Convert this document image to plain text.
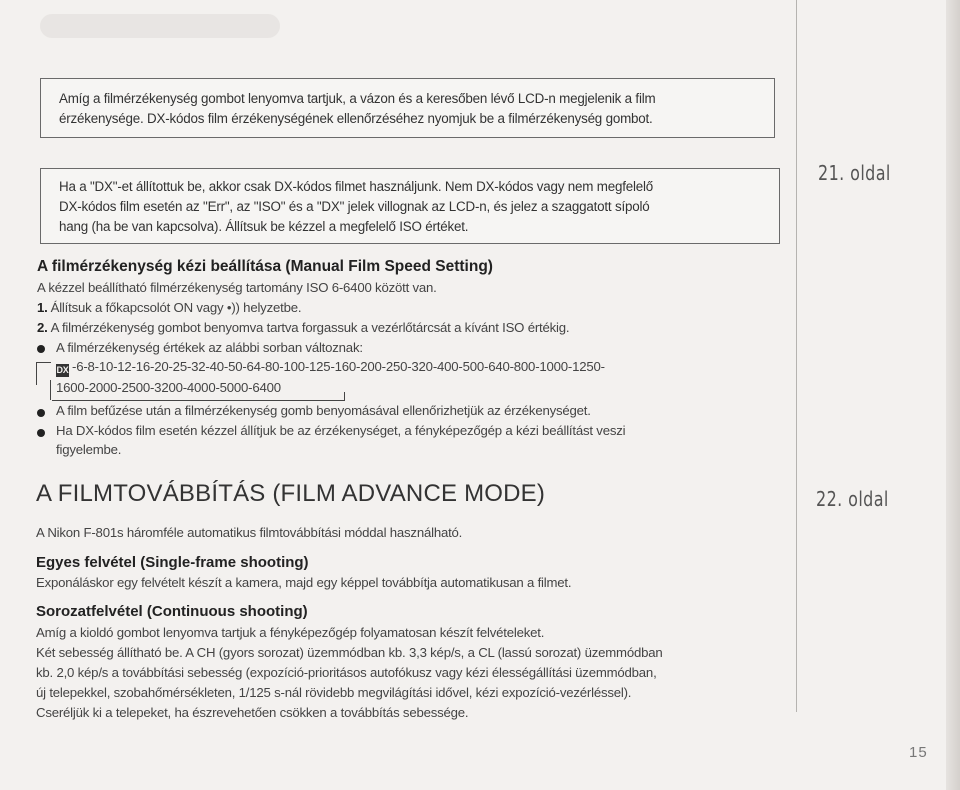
Amíg a filmérzékenység gombot lenyomva tartjuk, a vázon és a keresőben lévő LCD-n megjelenik a film

érzékenysége. DX-kódos film érzékenységének ellenőrzéséhez nyomjuk be a filmérzékenység gombot.

Ha a "DX"-et állítottuk be, akkor csak DX-kódos filmet használjunk. Nem DX-kódos vagy nem megfelelő

DX-kódos film esetén az "Err", az "ISO" és a "DX" jelek villognak az LCD-n, és jelez a szaggatott sípoló

hang (ha be van kapcsolva). Állítsuk be kézzel a megfelelő ISO értéket.

21. oldal
22. oldal
A filmérzékenység kézi beállítása (Manual Film Speed Setting)
A kézzel beállítható filmérzékenység tartomány ISO 6-6400 között van.
1. Állítsuk a főkapcsolót ON vagy •)) helyzetbe.
2. A filmérzékenység gombot benyomva tartva forgassuk a vezérlőtárcsát a kívánt ISO értékig.
A filmérzékenység értékek az alábbi sorban változnak:
DX -6-8-10-12-16-20-25-32-40-50-64-80-100-125-160-200-250-320-400-500-640-800-1000-1250-
1600-2000-2500-3200-4000-5000-6400
A film befűzése után a filmérzékenység gomb benyomásával ellenőrizhetjük az érzékenységet.
Ha DX-kódos film esetén kézzel állítjuk be az érzékenységet, a fényképezőgép a kézi beállítást veszi
figyelembe.
A FILMTOVÁBBÍTÁS (FILM ADVANCE MODE)
A Nikon F-801s háromféle automatikus filmtovábbítási móddal használható.
Egyes felvétel (Single-frame shooting)
Exponáláskor egy felvételt készít a kamera, majd egy képpel továbbítja automatikusan a filmet.
Sorozatfelvétel (Continuous shooting)
Amíg a kioldó gombot lenyomva tartjuk a fényképezőgép folyamatosan készít felvételeket.
Két sebesség állítható be. A CH (gyors sorozat) üzemmódban kb. 3,3 kép/s, a CL (lassú sorozat) üzemmódban
kb. 2,0 kép/s a továbbítási sebesség (expozíció-prioritásos autofókusz vagy kézi élességállítási üzemmódban,
új telepekkel, szobahőmérsékleten, 1/125 s-nál rövidebb megvilágítási idővel, kézi expozíció-vezérléssel).
Cseréljük ki a telepeket, ha észrevehetően csökken a továbbítás sebessége.
15
